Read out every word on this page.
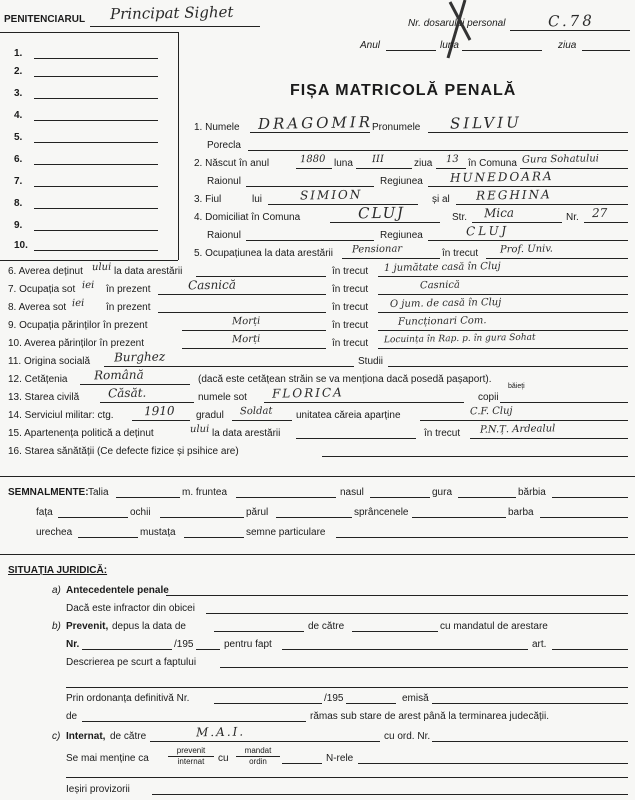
PENITENCIARUL Principat Sighet
Nr. dosarului personal	C.78
Anul	luna	ziua
1.
2.
3.
4.
5.
6.
7.
8.
9.
10.
FIȘA MATRICOLĂ PENALĂ
1. Numele DRAGOMIR
Pronumele SILVIU
Porecla
2. Născut în anul	1880 luna III	ziua 13 în Comuna Gura Sohatului
Raionul	Regiunea HUNEDOARA
3. Fiul	lui	SIMION	și al REGHINA
4. Domiciliat în Comuna	CLUJ	Str. Mica	Nr. 27
Raionul	Regiunea	CLUJ
5. Ocupațiunea la data arestării Pensionar	în trecut Prof. Univ.
6. Averea deținut ului la data arestării	în trecut 1 jumătate casă în Cluj
7. Ocupația sot iei în prezent	Casnică	în trecut	Casnică
8. Averea sot iei în prezent	în trecut O jum. de casă în Cluj
9. Ocupația părinților în prezent	Morți	în trecut	Funcționari Com.
10. Averea părinților în prezent	Morți	în trecut Locuința în Rap. p. în gura Sohat
11. Origina socială Burghez	Studii
12. Cetățenia Română	(dacă este cetățean străin se va menționa dacă posedă pașaport).
13. Starea civilă Căsăt.	numele sot FLORICA	copii
băieți
14. Serviciul militar: ctg.	1910 gradul Soldat unitatea căreia aparține	C.F. Cluj
15. Apartenența politică a deținut	ului la data arestării	în trecut P.N.Ț. Ardealul
16. Starea sănătății (Ce defecte fizice și psihice are)
SEMNALMENTE: Talia	m. fruntea	nasul	gura	bărbia
fața	ochii	părul	sprâncenele	barba
urechea	mustața	semne particulare
SITUAȚIA JURIDICĂ:
a) Antecedentele penale
Dacă este infractor din obicei
b) Prevenit, depus la data de	de către	cu mandatul de arestare
Nr.	/195	pentru fapt	art.
Descrierea pe scurt a faptului
Prin ordonanța definitivă Nr.	/195	emisă
de	rămas sub stare de arest până la terminarea judecății.
c) Internat, de către	M.A.I.	cu ord. Nr.
Se mai menține ca
prevenit
internat	cu
mandat
ordin	N-rele
Ieșiri provizorii
